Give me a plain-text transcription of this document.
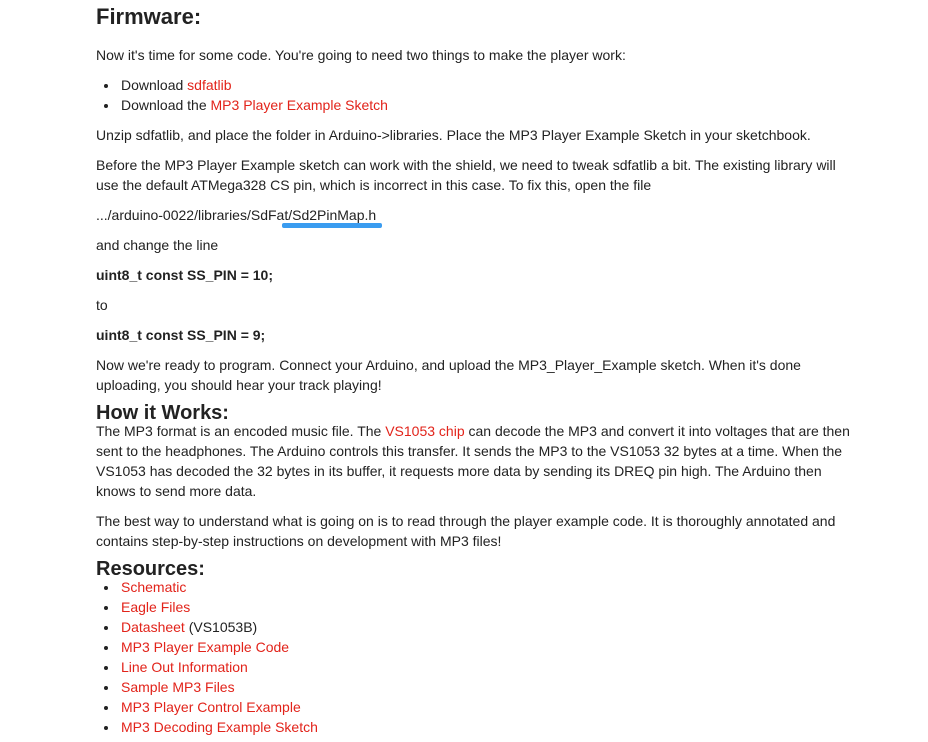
Firmware:

Now it's time for some code. You're going to need two things to make the player work:

Download sdfatlib
Download the MP3 Player Example Sketch

Unzip sdfatlib, and place the folder in Arduino->libraries. Place the MP3 Player Example Sketch in your sketchbook.

Before the MP3 Player Example sketch can work with the shield, we need to tweak sdfatlib a bit. The existing library will use the default ATMega328 CS pin, which is incorrect in this case. To fix this, open the file

.../arduino-0022/libraries/SdFat/Sd2PinMap.h

and change the line

uint8_t const SS_PIN = 10;

to

uint8_t const SS_PIN = 9;

Now we're ready to program. Connect your Arduino, and upload the MP3_Player_Example sketch. When it's done uploading, you should hear your track playing!

How it Works:

The MP3 format is an encoded music file. The VS1053 chip can decode the MP3 and convert it into voltages that are then sent to the headphones. The Arduino controls this transfer. It sends the MP3 to the VS1053 32 bytes at a time. When the VS1053 has decoded the 32 bytes in its buffer, it requests more data by sending its DREQ pin high. The Arduino then knows to send more data.

The best way to understand what is going on is to read through the player example code. It is thoroughly annotated and contains step-by-step instructions on development with MP3 files!

Resources:
Schematic
Eagle Files
Datasheet (VS1053B)
MP3 Player Example Code
Line Out Information
Sample MP3 Files
MP3 Player Control Example
MP3 Decoding Example Sketch
